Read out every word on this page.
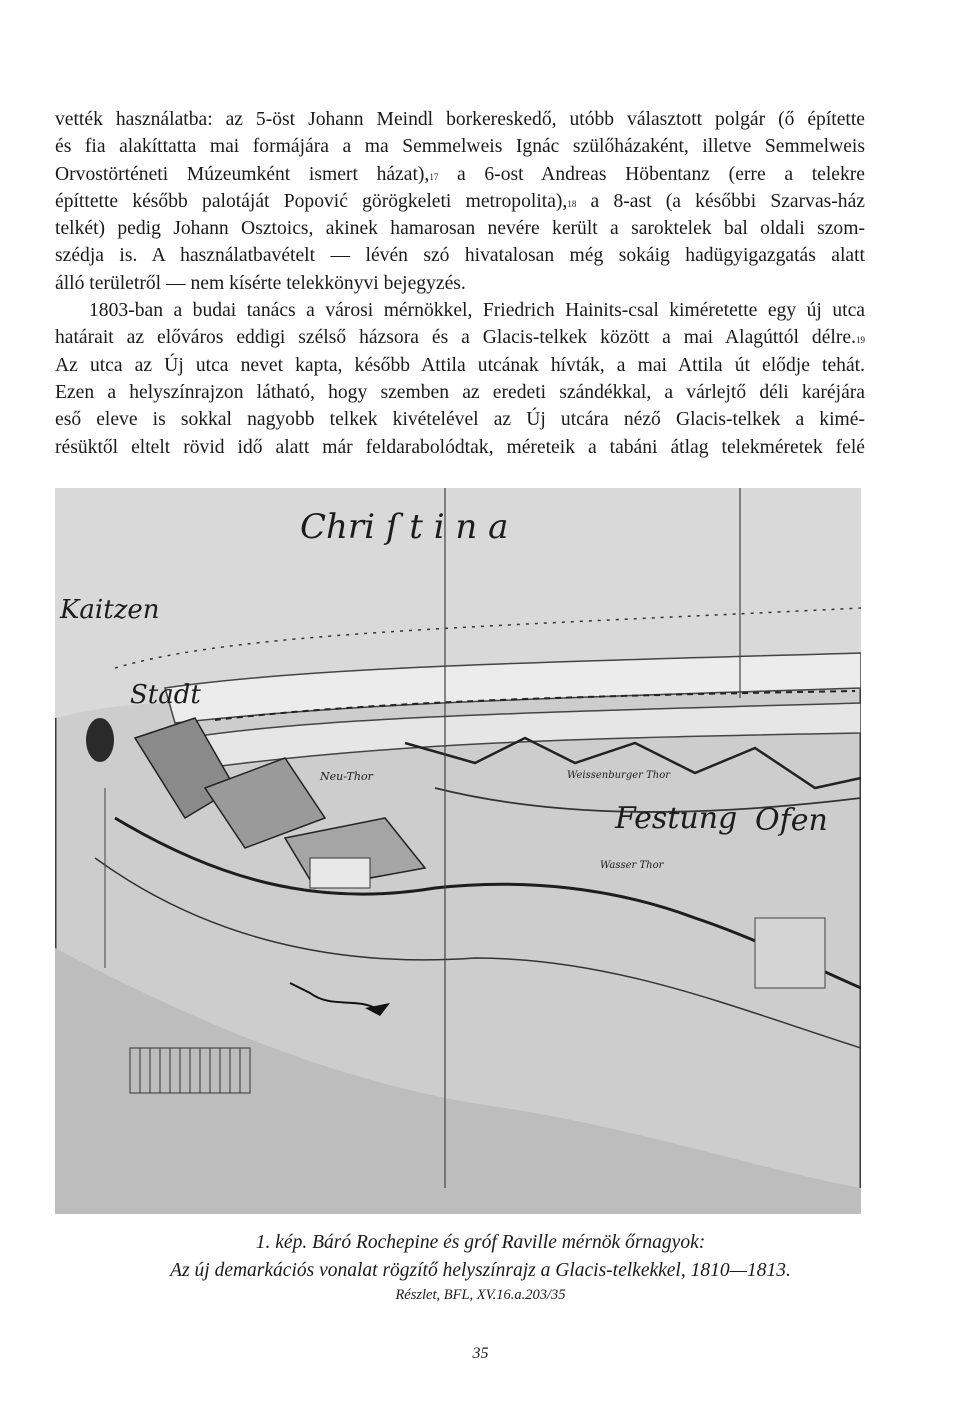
vették használatba: az 5-öst Johann Meindl borkereskedő, utóbb választott polgár (ő építette

és fia alakíttatta mai formájára a ma Semmelweis Ignác szülőházaként, illetve Semmelweis

Orvostörténeti Múzeumként ismert házat),$^{17}$ a 6-ost Andreas Höbentanz (erre a telekre

építtette később palotáját Popović görögkeleti metropolita),$^{18}$ a 8-ast (a későbbi Szarvas-ház

telkét) pedig Johann Osztoics, akinek hamarosan nevére került a saroktelek bal oldali szom-

szédja is. A használatbavételt — lévén szó hivatalosan még sokáig hadügyigazgatás alatt

álló területről — nem kísérte telekkönyvi bejegyzés.

1803-ban a budai tanács a városi mérnökkel, Friedrich Hainits-csal kiméretette egy új utca

határait az előváros eddigi szélső házsora és a Glacis-telkek között a mai Alagúttól délre.$^{19}$

Az utca az Új utca nevet kapta, később Attila utcának hívták, a mai Attila út elődje tehát.

Ezen a helyszínrajzon látható, hogy szemben az eredeti szándékkal, a várlejtő déli karéjára

eső eleve is sokkal nagyobb telkek kivételével az Új utcára néző Glacis-telkek a kimé-

résüktől eltelt rövid idő alatt már feldarabolódtak, méreteik a tabáni átlag telekméretek felé

Chri ſ t i n a
Kaitzen
Stadt
Festung Ofen
Neu-Thor	Weissenburger Thor
Wasser Thor
1. kép. Báró Rochepine és gróf Raville mérnök őrnagyok:
Az új demarkációs vonalat rögzítő helyszínrajz a Glacis-telkekkel, 1810—1813.
Részlet, BFL, XV.16.a.203/35
35
